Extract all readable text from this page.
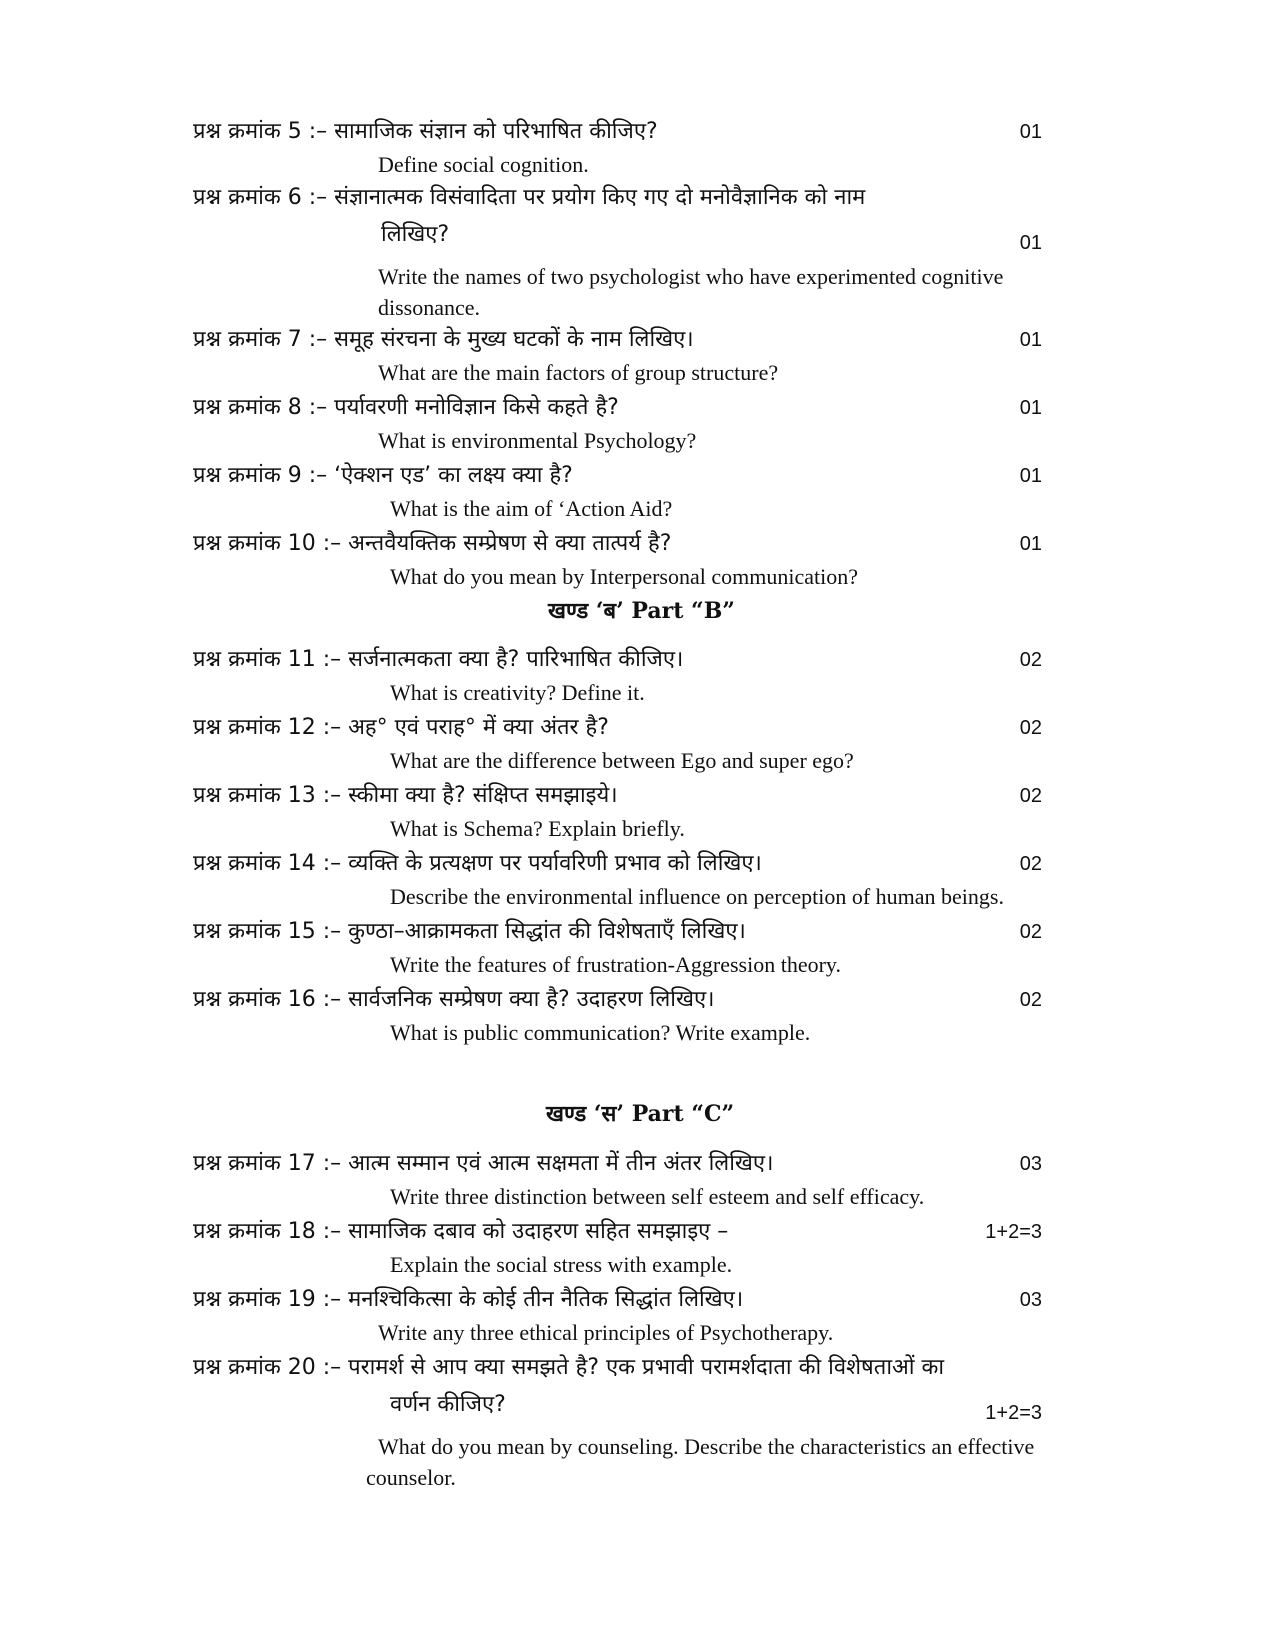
प्रश्न क्रमांक 5 :– सामाजिक संज्ञान को परिभाषित कीजिए?	01
Define social cognition.
प्रश्न क्रमांक 6 :– संज्ञानात्मक विसंवादिता पर प्रयोग किए गए दो मनोवैज्ञानिक को नाम
लिखिए?	01
Write the names of two psychologist who have experimented cognitive
dissonance.
प्रश्न क्रमांक 7 :– समूह संरचना के मुख्य घटकों के नाम लिखिए।	01
What are the main factors of group structure?
प्रश्न क्रमांक 8 :– पर्यावरणी मनोविज्ञान किसे कहते है?	01
What is environmental Psychology?
प्रश्न क्रमांक 9 :– ‘ऐक्शन एड’ का लक्ष्य क्या है?	01
What is the aim of ‘Action Aid?
प्रश्न क्रमांक 10 :– अन्तवैयक्तिक सम्प्रेषण से क्या तात्पर्य है?	01
What do you mean by Interpersonal communication?
खण्ड ‘ब’ Part “B”
प्रश्न क्रमांक 11 :– सर्जनात्मकता क्या है? पारिभाषित कीजिए।	02
What is creativity? Define it.
प्रश्न क्रमांक 12 :– अह° एवं पराह° में क्या अंतर है?	02
What are the difference between Ego and super ego?
प्रश्न क्रमांक 13 :– स्कीमा क्या है? संक्षिप्त समझाइये।	02
What is Schema? Explain briefly.
प्रश्न क्रमांक 14 :– व्यक्ति के प्रत्यक्षण पर पर्यावरिणी प्रभाव को लिखिए।	02
Describe the environmental influence on perception of human beings.
प्रश्न क्रमांक 15 :– कुण्ठा–आक्रामकता सिद्धांत की विशेषताएँ लिखिए।	02
Write the features of frustration-Aggression theory.
प्रश्न क्रमांक 16 :– सार्वजनिक सम्प्रेषण क्या है? उदाहरण लिखिए।	02
What is public communication? Write example.
खण्ड ‘स’ Part “C”
प्रश्न क्रमांक 17 :– आत्म सम्मान एवं आत्म सक्षमता में तीन अंतर लिखिए।	03
Write three distinction between self esteem and self efficacy.
प्रश्न क्रमांक 18 :– सामाजिक दबाव को उदाहरण सहित समझाइए –	1+2=3
Explain the social stress with example.
प्रश्न क्रमांक 19 :– मनश्चिकित्सा के कोई तीन नैतिक सिद्धांत लिखिए।	03
Write any three ethical principles of Psychotherapy.
प्रश्न क्रमांक 20 :– परामर्श से आप क्या समझते है? एक प्रभावी परामर्शदाता की विशेषताओं का
वर्णन कीजिए?	1+2=3
What do you mean by counseling. Describe the characteristics an effective
counselor.
